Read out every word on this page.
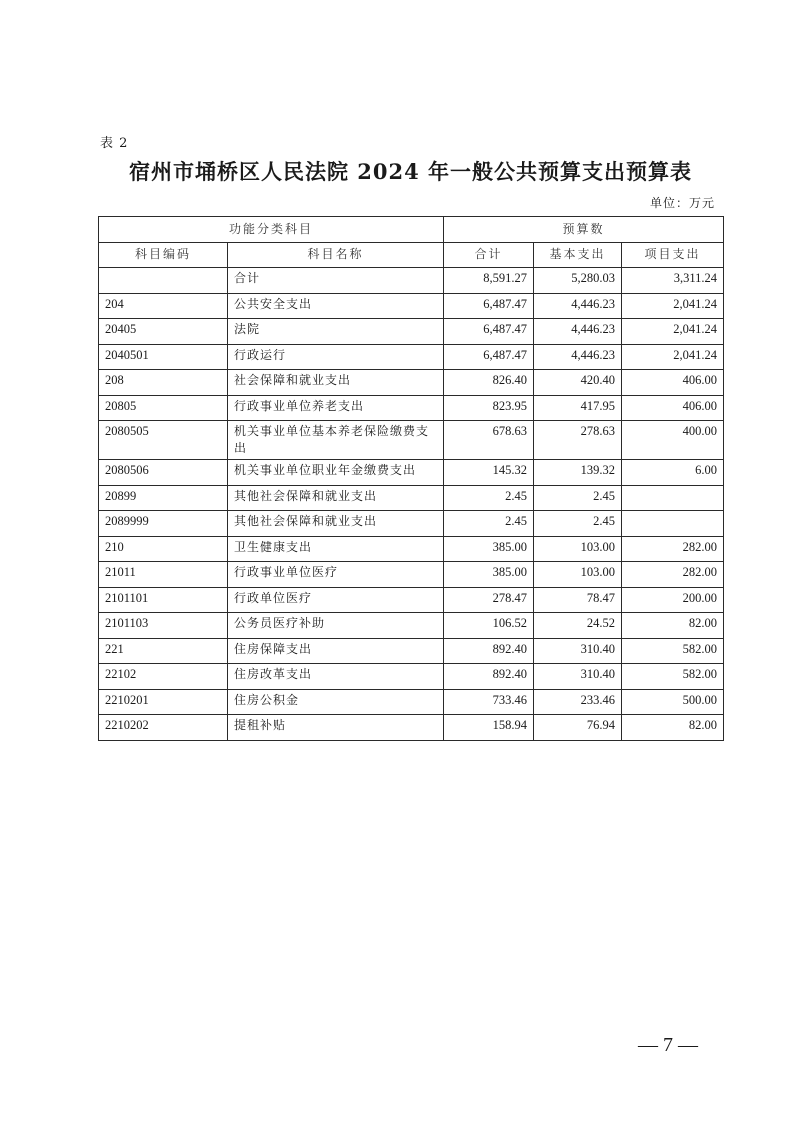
表 2
宿州市埇桥区人民法院 2024 年一般公共预算支出预算表
单位：万元
功能分类科目		预算数		
科目编码	科目名称	合计	基本支出	项目支出
	合计	8,591.27	5,280.03	3,311.24
204	公共安全支出	6,487.47	4,446.23	2,041.24
20405	法院	6,487.47	4,446.23	2,041.24
2040501	行政运行	6,487.47	4,446.23	2,041.24
208	社会保障和就业支出	826.40	420.40	406.00
20805	行政事业单位养老支出	823.95	417.95	406.00
2080505	机关事业单位基本养老保险缴费支出	678.63	278.63	400.00
2080506	机关事业单位职业年金缴费支出	145.32	139.32	6.00
20899	其他社会保障和就业支出	2.45	2.45	
2089999	其他社会保障和就业支出	2.45	2.45	
210	卫生健康支出	385.00	103.00	282.00
21011	行政事业单位医疗	385.00	103.00	282.00
2101101	行政单位医疗	278.47	78.47	200.00
2101103	公务员医疗补助	106.52	24.52	82.00
221	住房保障支出	892.40	310.40	582.00
22102	住房改革支出	892.40	310.40	582.00
2210201	住房公积金	733.46	233.46	500.00
2210202	提租补贴	158.94	76.94	82.00
— 7 —
